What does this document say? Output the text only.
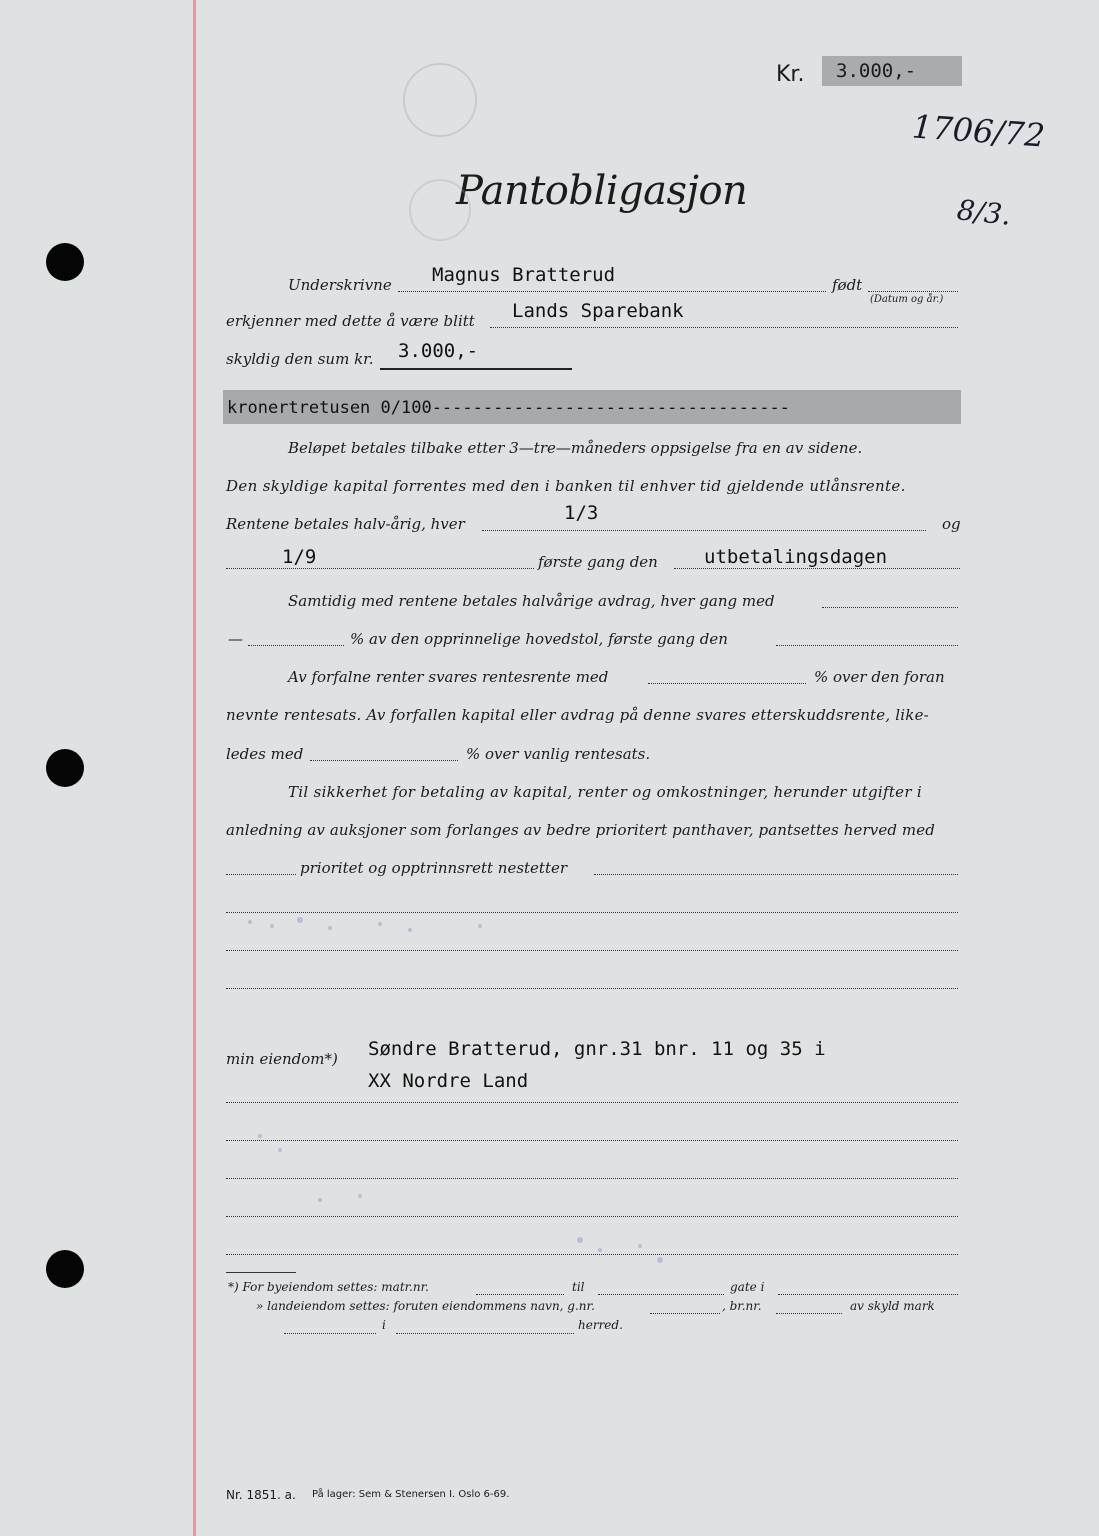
Kr.	3.000,-
1706/72
8/3.
Pantobligasjon
Underskrivne Magnus Bratterud	født
(Datum og år.)
erkjenner med dette å være blitt Lands Sparebank
skyldig den sum kr. 3.000,-
kronertretusen 0/100-----------------------------------
Beløpet betales tilbake etter 3—tre—måneders oppsigelse fra en av sidene.
Den skyldige kapital forrentes med den i banken til enhver tid gjeldende utlånsrente.
Rentene betales halv-årig, hver	1/3	og
1/9	første gang den utbetalingsdagen
Samtidig med rentene betales halvårige avdrag, hver gang med
—	% av den opprinnelige hovedstol, første gang den
Av forfalne renter svares rentesrente med	% over den foran
nevnte rentesats. Av forfallen kapital eller avdrag på denne svares etterskuddsrente, like-
ledes med	% over vanlig rentesats.
Til sikkerhet for betaling av kapital, renter og omkostninger, herunder utgifter i
anledning av auksjoner som forlanges av bedre prioritert panthaver, pantsettes herved med
prioritet og opptrinnsrett nestetter
min eiendom*) Søndre Bratterud, gnr.31 bnr. 11 og 35 i
XX Nordre Land
*) For byeiendom settes: matr.nr.	til	gate i
» landeiendom settes: foruten eiendommens navn, g.nr.	, br.nr.	av skyld mark
i	herred.
Nr. 1851. a. På lager: Sem & Stenersen I. Oslo 6-69.
